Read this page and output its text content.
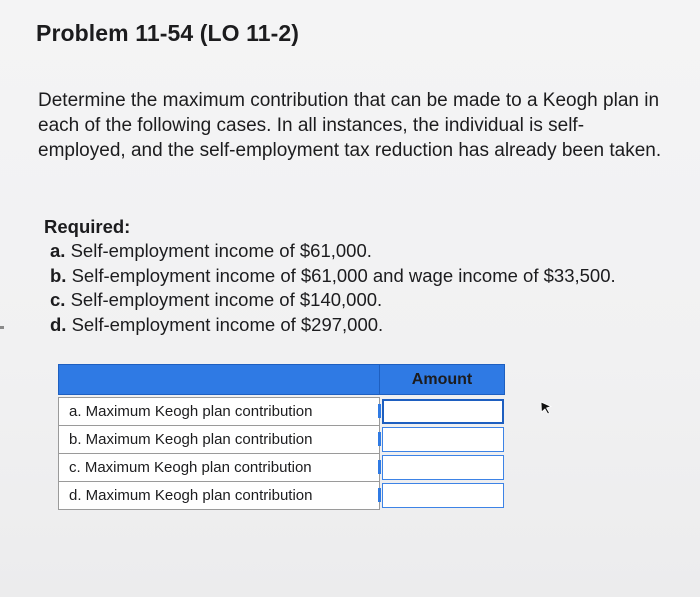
Problem 11-54 (LO 11-2)

Determine the maximum contribution that can be made to a Keogh plan in each of the following cases. In all instances, the individual is self-employed, and the self-employment tax reduction has already been taken.

Required:
a. Self-employment income of $61,000.
b. Self-employment income of $61,000 and wage income of $33,500.
c. Self-employment income of $140,000.
d. Self-employment income of $297,000.
	Amount

a. Maximum Keogh plan contribution	

b. Maximum Keogh plan contribution	

c. Maximum Keogh plan contribution	

d. Maximum Keogh plan contribution	
